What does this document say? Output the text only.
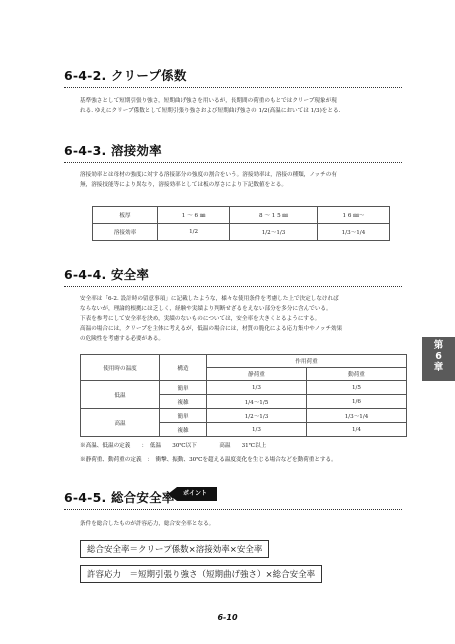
6-4-2. クリープ係数
基準強さとして短期引張り強さ，短期曲げ強さを用いるが，長期間の荷重のもとではクリープ現象が現
れる. ゆえにクリープ係数として短期引張り強さおよび短期曲げ強さの 1/2(高温においては 1/3)をとる.
6-4-3. 溶接効率
溶接効率とは母材の強度に対する溶接部分の強度の割合をいう。溶接効率は，溶接の種類，ノッチの有
無，溶接技能等により異なり，溶接効率としては板の厚さにより下記数値をとる。
板厚	1 ～ 6 ㎜	8 ～ 1 5 ㎜	1 6 ㎜～
溶接効率	1/2	1/2～1/3	1/3～1/4
6-4-4. 安全率
安全率は「6-2. 設計時の留意事項」に記載したような，様々な使用条件を考慮した上で決定しなければ
ならないが，理論的根拠には乏しく，経験や実績より判断せざるをえない部分を多分に含んでいる。
下表を参考にして安全率を決め，実績のないものについては，安全率を大きくとるようにする。
高温の場合には，クリープを主体に考えるが，低温の場合には，材質の脆化による応力集中やノッチ効果
の危険性を考慮する必要がある。
使用時の温度	構造	作用荷重	
		静荷重	動荷重
低温	簡単	1/3	1/5
	複雑	1/4～1/5	1/6
高温	簡単	1/2～1/3	1/3～1/4
	複雑	1/3	1/4
※高温、低温の定義　　：　低温　　30℃以下　　　　高温　　31℃以上
※静荷重、動荷重の定義　：　衝撃、振動、30℃を超える温度変化を生じる場合などを動荷重とする。
6-4-5. 総合安全率	ポイント
条件を総合したものが許容応力，総合安全率となる。
総合安全率＝クリープ係数×溶接効率×安全率
許容応力　＝短期引張り強さ（短期曲げ強さ）×総合安全率
第
6
章
6-10
